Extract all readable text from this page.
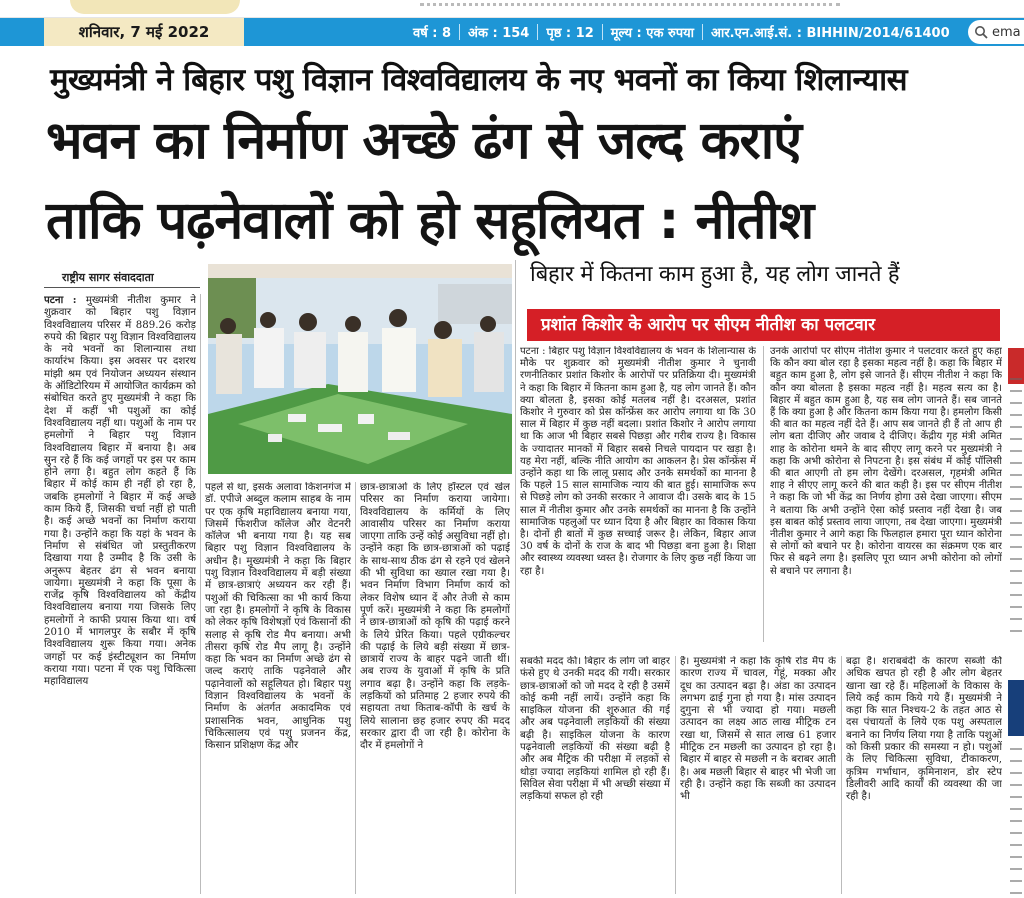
शनिवार, 7 मई 2022	वर्ष : 8	अंक : 154	पृष्ठ : 12	मूल्य : एक रुपया	आर.एन.आई.सं. : BIHHIN/2014/61400	ema
मुख्यमंत्री ने बिहार पशु विज्ञान विश्वविद्यालय के नए भवनों का किया शिलान्यास
भवन का निर्माण अच्छे ढंग से जल्द कराएं
ताकि पढ़नेवालों को हो सहूलियत : नीतीश
राष्ट्रीय सागर संवाददाता
पटना : मुख्यमंत्री नीतीश कुमार ने शुक्रवार को बिहार पशु विज्ञान विश्वविद्यालय परिसर में 889.26 करोड़ रुपये की बिहार पशु विज्ञान विश्वविद्यालय के नये भवनों का शिलान्यास तथा कार्यारंभ किया। इस अवसर पर दशरथ मांझी श्रम एवं नियोजन अध्ययन संस्थान के ऑडिटोरियम में आयोजित कार्यक्रम को संबोधित करते हुए मुख्यमंत्री ने कहा कि देश में कहीं भी पशुओं का कोई विश्वविद्यालय नहीं था। पशुओं के नाम पर हमलोगों ने बिहार पशु विज्ञान विश्वविद्यालय बिहार में बनाया है। अब सुन रहे हैं कि कई जगहों पर इस पर काम होने लगा है। बहुत लोग कहते हैं कि बिहार में कोई काम ही नहीं हो रहा है, जबकि हमलोगों ने बिहार में कई अच्छे काम किये हैं, जिसकी चर्चा नहीं हो पाती है। कई अच्छे भवनों का निर्माण कराया गया है। उन्होंने कहा कि यहां के भवन के निर्माण से संबंधित जो प्रस्तुतीकरण दिखाया गया है उम्मीद है कि उसी के अनुरूप बेहतर ढंग से भवन बनाया जायेगा। मुख्यमंत्री ने कहा कि पूसा के राजेंद्र कृषि विश्वविद्यालय को केंद्रीय विश्वविद्यालय बनाया गया जिसके लिए हमलोगों ने काफी प्रयास किया था। वर्ष 2010 में भागलपुर के सबौर में कृषि विश्वविद्यालय शुरू किया गया। अनेक जगहों पर कई इंस्टीट्यूशन का निर्माण कराया गया। पटना में एक पशु चिकित्सा महाविद्यालय
पहले से था, इसके अलावा किशनगंज में डॉ. एपीजे अब्दुल कलाम साहब के नाम पर एक कृषि महाविद्यालय बनाया गया, जिसमें फिशरीज कॉलेज और वेटनरी कॉलेज भी बनाया गया है। यह सब बिहार पशु विज्ञान विश्वविद्यालय के अधीन है। मुख्यमंत्री ने कहा कि बिहार पशु विज्ञान विश्वविद्यालय में बड़ी संख्या में छात्र-छात्राएं अध्ययन कर रही हैं। पशुओं की चिकित्सा का भी कार्य किया जा रहा है। हमलोगों ने कृषि के विकास को लेकर कृषि विशेषज्ञों एवं किसानों की सलाह से कृषि रोड मैप बनाया। अभी तीसरा कृषि रोड मैप लागू है। उन्होंने कहा कि भवन का निर्माण अच्छे ढंग से जल्द कराएं ताकि पढ़नेवाले और पढ़ानेवालों को सहूलियत हो। बिहार पशु विज्ञान विश्वविद्यालय के भवनों के निर्माण के अंतर्गत अकादमिक एवं प्रशासनिक भवन, आधुनिक पशु चिकित्सालय एवं पशु प्रजनन केंद्र, किसान प्रशिक्षण केंद्र और
छात्र-छात्राओं के लिए हॉस्टल एवं खेल परिसर का निर्माण कराया जायेगा। विश्वविद्यालय के कर्मियों के लिए आवासीय परिसर का निर्माण कराया जाएगा ताकि उन्हें कोई असुविधा नहीं हो। उन्होंने कहा कि छात्र-छात्राओं को पढ़ाई के साथ-साथ ठीक ढंग से रहने एवं खेलने की भी सुविधा का ख्याल रखा गया है। भवन निर्माण विभाग निर्माण कार्य को लेकर विशेष ध्यान दें और तेजी से काम पूर्ण करें। मुख्यमंत्री ने कहा कि हमलोगों ने छात्र-छात्राओं को कृषि की पढ़ाई करने के लिये प्रेरित किया। पहले एग्रीकल्चर की पढ़ाई के लिये बड़ी संख्या में छात्र-छात्रायें राज्य के बाहर पढ़ने जाती थीं। अब राज्य के युवाओं में कृषि के प्रति लगाव बढ़ा है। उन्होंने कहा कि लड़के-लड़कियों को प्रतिमाह 2 हजार रुपये की सहायता तथा किताब-कॉपी के खर्च के लिये सालाना छह हजार रुपए की मदद सरकार द्वारा दी जा रही है। कोरोना के दौर में हमलोगों ने
बिहार में कितना काम हुआ है, यह लोग जानते हैं
प्रशांत किशोर के आरोप पर सीएम नीतीश का पलटवार
पटना : बिहार पशु विज्ञान विश्वविद्यालय के भवन के शिलान्यास के मौके पर शुक्रवार को मुख्यमंत्री नीतीश कुमार ने चुनावी रणनीतिकार प्रशांत किशोर के आरोपों पर प्रतिक्रिया दी। मुख्यमंत्री ने कहा कि बिहार में कितना काम हुआ है, यह लोग जानते हैं। कौन क्या बोलता है, इसका कोई मतलब नहीं है। दरअसल, प्रशांत किशोर ने गुरुवार को प्रेस कॉन्फ्रेंस कर आरोप लगाया था कि 30 साल में बिहार में कुछ नहीं बदला। प्रशांत किशोर ने आरोप लगाया था कि आज भी बिहार सबसे पिछड़ा और गरीब राज्य है। विकास के ज्यादातर मानकों में बिहार सबसे निचले पायदान पर खड़ा है। यह मेरा नहीं, बल्कि नीति आयोग का आकलन है। प्रेस कॉन्फ्रेंस में उन्होंने कहा था कि लालू प्रसाद और उनके समर्थकों का मानना है कि पहले 15 साल सामाजिक न्याय की बात हुई। सामाजिक रूप से पिछड़े लोग को उनकी सरकार ने आवाज दी। उसके बाद के 15 साल में नीतीश कुमार और उनके समर्थकों का मानना है कि उन्होंने सामाजिक पहलुओं पर ध्यान दिया है और बिहार का विकास किया है। दोनों ही बातों में कुछ सच्चाई जरूर है। लेकिन, बिहार आज 30 वर्ष के दोनों के राज के बाद भी पिछड़ा बना हुआ है। शिक्षा और स्वास्थ्य व्यवस्था ध्वस्त है। रोजगार के लिए कुछ नहीं किया जा रहा है।
उनके आरोपों पर सीएम नीतीश कुमार ने पलटवार करते हुए कहा कि कौन क्या बोल रहा है इसका महत्व नहीं है। कहा कि बिहार में बहुत काम हुआ है, लोग इसे जानते हैं। सीएम नीतीश ने कहा कि कौन क्या बोलता है इसका महत्व नहीं है। महत्व सत्य का है। बिहार में बहुत काम हुआ है, यह सब लोग जानते हैं। सब जानते हैं कि क्या हुआ है और कितना काम किया गया है। हमलोग किसी की बात का महत्व नहीं देते हैं। आप सब जानते ही हैं तो आप ही लोग बता दीजिए और जवाब दे दीजिए। केंद्रीय गृह मंत्री अमित शाह के कोरोना थमने के बाद सीएए लागू करने पर मुख्यमंत्री ने कहा कि अभी कोरोना से निपटना है। इस संबंध में कोई पॉलिसी की बात आएगी तो हम लोग देखेंगे। दरअसल, गृहमंत्री अमित शाह ने सीएए लागू करने की बात कही है। इस पर सीएम नीतीश ने कहा कि जो भी केंद्र का निर्णय होगा उसे देखा जाएगा। सीएम ने बताया कि अभी उन्होंने ऐसा कोई प्रस्ताव नहीं देखा है। जब इस बाबत कोई प्रस्ताव लाया जाएगा, तब देखा जाएगा। मुख्यमंत्री नीतीश कुमार ने आगे कहा कि फिलहाल हमारा पूरा ध्यान कोरोना से लोगों को बचाने पर है। कोरोना वायरस का संक्रमण एक बार फिर से बढ़ने लगा है। इसलिए पूरा ध्यान अभी कोरोना को लोगों से बचाने पर लगाना है।
सबकी मदद की। बिहार के लोग जो बाहर फंसे हुए थे उनकी मदद की गयी। सरकार छात्र-छात्राओं को जो मदद दे रही है उसमें कोई कमी नहीं लायें। उन्होंने कहा कि साइकिल योजना की शुरुआत की गई और अब पढ़नेवाली लड़कियों की संख्या बढ़ी है। साइकिल योजना के कारण पढ़नेवाली लड़कियों की संख्या बढ़ी है और अब मैट्रिक की परीक्षा में लड़कों से थोड़ा ज्यादा लड़कियां शामिल हो रही हैं। सिविल सेवा परीक्षा में भी अच्छी संख्या में लड़कियां सफल हो रही
हैं। मुख्यमंत्री ने कहा कि कृषि रोड मैप के कारण राज्य में चावल, गेहूं, मक्का और दूध का उत्पादन बढ़ा है। अंडा का उत्पादन लगभग ढाई गुना हो गया है। मांस उत्पादन दुगुना से भी ज्यादा हो गया। मछली उत्पादन का लक्ष्य आठ लाख मीट्रिक टन रखा था, जिसमें से सात लाख 61 हजार मीट्रिक टन मछली का उत्पादन हो रहा है। बिहार में बाहर से मछली न के बराबर आती है। अब मछली बिहार से बाहर भी भेजी जा रही है। उन्होंने कहा कि सब्जी का उत्पादन भी
बढ़ा है। शराबबंदी के कारण सब्जी की अधिक खपत हो रही है और लोग बेहतर खाना खा रहे हैं। महिलाओं के विकास के लिये कई काम किये गये हैं। मुख्यमंत्री ने कहा कि सात निश्चय-2 के तहत आठ से दस पंचायतों के लिये एक पशु अस्पताल बनाने का निर्णय लिया गया है ताकि पशुओं को किसी प्रकार की समस्या न हो। पशुओं के लिए चिकित्सा सुविधा, टीकाकरण, कृत्रिम गर्भाधान, कृमिनाशन, डोर स्टेप डिलीवरी आदि कार्यों की व्यवस्था की जा रही है।
